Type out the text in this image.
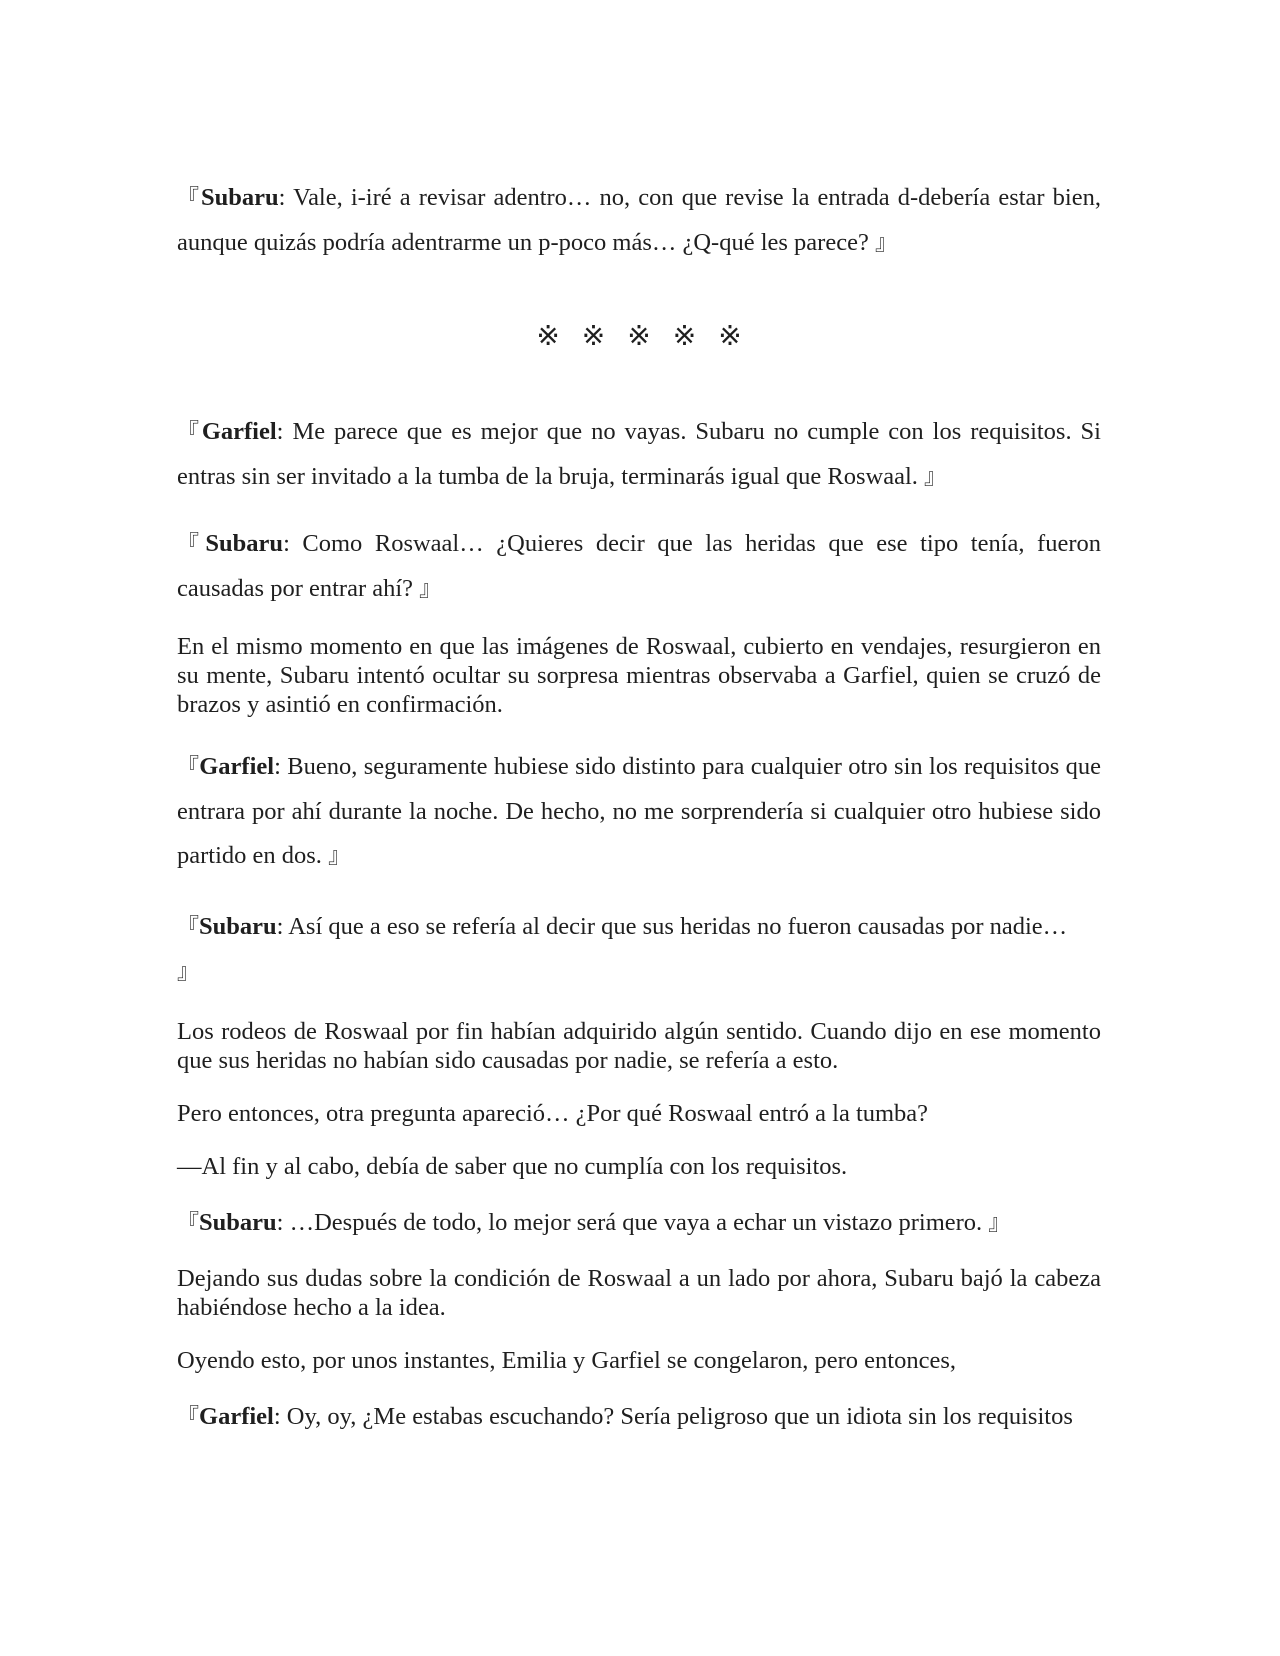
『Subaru: Vale, i-iré a revisar adentro… no, con que revise la entrada d-debería estar bien, aunque quizás podría adentrarme un p-poco más… ¿Q-qué les parece? 』

※※※※※

『Garfiel: Me parece que es mejor que no vayas. Subaru no cumple con los requisitos. Si entras sin ser invitado a la tumba de la bruja, terminarás igual que Roswaal. 』

『Subaru: Como Roswaal… ¿Quieres decir que las heridas que ese tipo tenía, fueron causadas por entrar ahí? 』

En el mismo momento en que las imágenes de Roswaal, cubierto en vendajes, resurgieron en su mente, Subaru intentó ocultar su sorpresa mientras observaba a Garfiel, quien se cruzó de brazos y asintió en confirmación.

『Garfiel: Bueno, seguramente hubiese sido distinto para cualquier otro sin los requisitos que entrara por ahí durante la noche. De hecho, no me sorprendería si cualquier otro hubiese sido partido en dos. 』

『Subaru: Así que a eso se refería al decir que sus heridas no fueron causadas por nadie…
』

Los rodeos de Roswaal por fin habían adquirido algún sentido. Cuando dijo en ese momento que sus heridas no habían sido causadas por nadie, se refería a esto.

Pero entonces, otra pregunta apareció… ¿Por qué Roswaal entró a la tumba?

—Al fin y al cabo, debía de saber que no cumplía con los requisitos.

『Subaru: …Después de todo, lo mejor será que vaya a echar un vistazo primero. 』

Dejando sus dudas sobre la condición de Roswaal a un lado por ahora, Subaru bajó la cabeza habiéndose hecho a la idea.

Oyendo esto, por unos instantes, Emilia y Garfiel se congelaron, pero entonces,

『Garfiel: Oy, oy, ¿Me estabas escuchando? Sería peligroso que un idiota sin los requisitos
